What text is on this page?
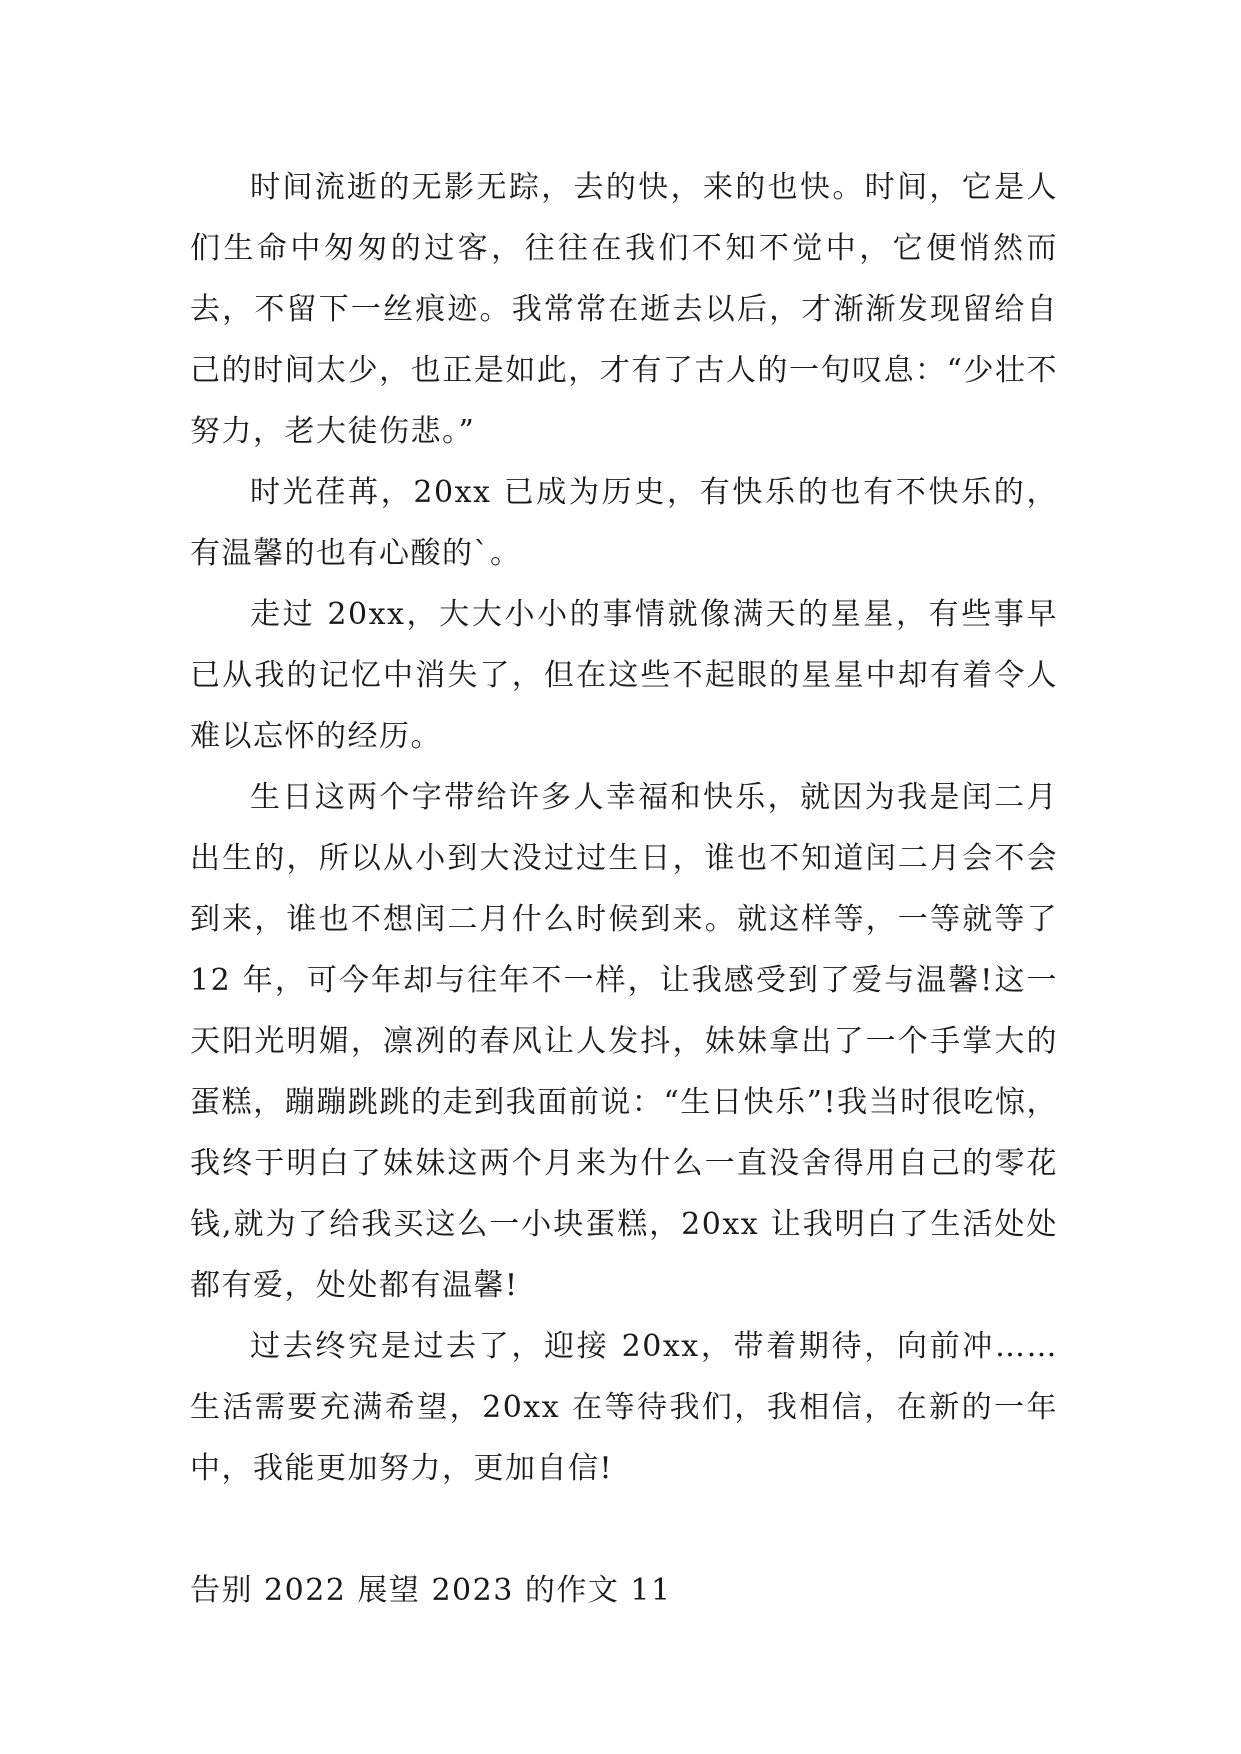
时间流逝的无影无踪，去的快，来的也快。时间，它是人们生命中匆匆的过客，往往在我们不知不觉中，它便悄然而去，不留下一丝痕迹。我常常在逝去以后，才渐渐发现留给自己的时间太少，也正是如此，才有了古人的一句叹息：“少壮不努力，老大徒伤悲。”

时光荏苒，20xx 已成为历史，有快乐的也有不快乐的，有温馨的也有心酸的`。

走过 20xx，大大小小的事情就像满天的星星，有些事早已从我的记忆中消失了，但在这些不起眼的星星中却有着令人难以忘怀的经历。

生日这两个字带给许多人幸福和快乐，就因为我是闰二月出生的，所以从小到大没过过生日，谁也不知道闰二月会不会到来，谁也不想闰二月什么时候到来。就这样等，一等就等了 12 年，可今年却与往年不一样，让我感受到了爱与温馨!这一天阳光明媚，凛冽的春风让人发抖，妹妹拿出了一个手掌大的蛋糕，蹦蹦跳跳的走到我面前说：“生日快乐”!我当时很吃惊，我终于明白了妹妹这两个月来为什么一直没舍得用自己的零花钱,就为了给我买这么一小块蛋糕，20xx 让我明白了生活处处都有爱，处处都有温馨!

过去终究是过去了，迎接 20xx，带着期待，向前冲……生活需要充满希望，20xx 在等待我们，我相信，在新的一年中，我能更加努力，更加自信!

告别 2022 展望 2023 的作文 11
